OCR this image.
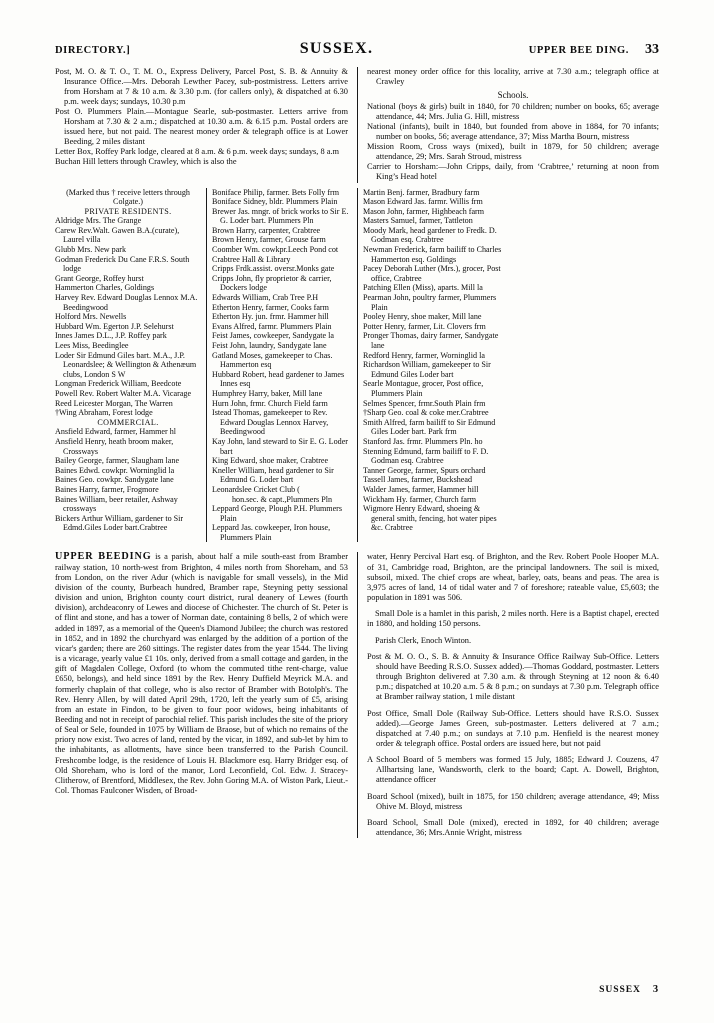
DIRECTORY.]	SUSSEX.	UPPER BEE DING. 33

Post, M. O. & T. O., T. M. O., Express Delivery, Parcel Post, S. B. & Annuity & Insurance Office.—Mrs. Deborah Lewther Pacey, sub-postmistress. Letters arrive from Horsham at 7 & 10 a.m. & 3.30 p.m. (for callers only), & dispatched at 6.30 p.m. week days; sundays, 10.30 p.m

Post O. Plummers Plain.—Montague Searle, sub-postmaster. Letters arrive from Horsham at 7.30 & 2 a.m.; dispatched at 10.30 a.m. & 6.15 p.m. Postal orders are issued here, but not paid. The nearest money order & telegraph office is at Lower Beeding, 2 miles distant

Letter Box, Roffey Park lodge, cleared at 8 a.m. & 6 p.m. week days; sundays, 8 a.m

Buchan Hill letters through Crawley, which is also the

nearest money order office for this locality, arrive at 7.30 a.m.; telegraph office at Crawley

Schools.

National (boys & girls) built in 1840, for 70 children; number on books, 65; average attendance, 44; Mrs. Julia G. Hill, mistress

National (infants), built in 1840, but founded from above in 1884, for 70 infants; number on books, 56; average attendance, 37; Miss Martha Bourn, mistress

Mission Room, Cross ways (mixed), built in 1879, for 50 children; average attendance, 29; Mrs. Sarah Stroud, mistress

Carrier to Horsham:—John Cripps, daily, from ‘Crabtree,’ returning at noon from King’s Head hotel

(Marked thus † receive letters through

Colgate.)

PRIVATE RESIDENTS.

Aldridge Mrs. The Grange

Carew Rev.Walt. Gawen B.A.(curate), Laurel villa

Glubb Mrs. New park

Godman Frederick Du Cane F.R.S. South lodge

Grant George, Roffey hurst

Hammerton Charles, Goldings

Harvey Rev. Edward Douglas Lennox M.A. Beedingwood

Holford Mrs. Newells

Hubbard Wm. Egerton J.P. Selehurst

Innes James D.L., J.P. Roffey park

Lees Miss, Beedinglee

Loder Sir Edmund Giles bart. M.A., J.P. Leonardslee; & Wellington & Athenæum clubs, London S W

Longman Frederick William, Beedcote

Powell Rev. Robert Walter M.A. Vicarage

Reed Leicester Morgan, The Warren

†Wing Abraham, Forest lodge

COMMERCIAL.

Ansfield Edward, farmer, Hammer hl

Ansfield Henry, heath broom maker, Crossways

Bailey George, farmer, Slaugham lane

Baines Edwd. cowkpr. Worninglid la

Baines Geo. cowkpr. Sandygate lane

Baines Harry, farmer, Frogmore

Baines William, beer retailer, Ashway crossways

Bickers Arthur William, gardener to Sir Edmd.Giles Loder bart.Crabtree

Boniface Philip, farmer. Bets Folly frm

Boniface Sidney, bldr. Plummers Plain

Brewer Jas. mngr. of brick works to Sir E. G. Loder bart. Plummers Pln

Brown Harry, carpenter, Crabtree

Brown Henry, farmer, Grouse farm

Coomber Wm. cowkpr.Leech Pond cot

Crabtree Hall & Library

Cripps Frdk.assist. oversr.Monks gate

Cripps John, fly proprietor & carrier, Dockers lodge

Edwards William, Crab Tree P.H

Etherton Henry, farmer, Cooks farm

Etherton Hy. jun. frmr. Hammer hill

Evans Alfred, farmr. Plummers Plain

Feist James, cowkeeper, Sandygate la

Feist John, laundry, Sandygate lane

Gatland Moses, gamekeeper to Chas. Hammerton esq

Hubbard Robert, head gardener to James Innes esq

Humphrey Harry, baker, Mill lane

Hurn John, frmr. Church Field farm

Istead Thomas, gamekeeper to Rev. Edward Douglas Lennox Harvey, Beedingwood

Kay John, land steward to Sir E. G. Loder bart

King Edward, shoe maker, Crabtree

Kneller William, head gardener to Sir Edmund G. Loder bart

Leonardslee Cricket Club (

hon.sec. & capt.,Plummers Pln

Leppard George, Plough P.H. Plummers Plain

Leppard Jas. cowkeeper, Iron house, Plummers Plain

Martin Benj. farmer, Bradbury farm

Mason Edward Jas. farmr. Willis frm

Mason John, farmer, Highbeach farm

Masters Samuel, farmer, Tattleton

Moody Mark, head gardener to Fredk. D. Godman esq. Crabtree

Newman Frederick, farm bailiff to Charles Hammerton esq. Goldings

Pacey Deborah Luther (Mrs.), grocer, Post office, Crabtree

Patching Ellen (Miss), aparts. Mill la

Pearman John, poultry farmer, Plummers Plain

Pooley Henry, shoe maker, Mill lane

Potter Henry, farmer, Lit. Clovers frm

Pronger Thomas, dairy farmer, Sandygate lane

Redford Henry, farmer, Worninglid la

Richardson William, gamekeeper to Sir Edmund Giles Loder bart

Searle Montague, grocer, Post office, Plummers Plain

Selmes Spencer, frmr.South Plain frm

†Sharp Geo. coal & coke mer.Crabtree

Smith Alfred, farm bailiff to Sir Edmund Giles Loder bart. Park frm

Stanford Jas. frmr. Plummers Pln. ho

Stenning Edmund, farm bailiff to F. D. Godman esq. Crabtree

Tanner George, farmer, Spurs orchard

Tassell James, farmer, Buckshead

Walder James, farmer, Hammer hill

Wickham Hy. farmer, Church farm

Wigmore Henry Edward, shoeing & general smith, fencing, hot water pipes &c. Crabtree

UPPER BEEDING is a parish, about half a mile south-east from Bramber railway station, 10 north-west from Brighton, 4 miles north from Shoreham, and 53 from London, on the river Adur (which is navigable for small vessels), in the Mid division of the county, Burbeach hundred, Bramber rape, Steyning petty sessional division and union, Brighton county court district, rural deanery of Lewes (fourth division), archdeaconry of Lewes and diocese of Chichester. The church of St. Peter is of flint and stone, and has a tower of Norman date, containing 8 bells, 2 of which were added in 1897, as a memorial of the Queen's Diamond Jubilee; the church was restored in 1852, and in 1892 the churchyard was enlarged by the addition of a portion of the vicar's garden; there are 260 sittings. The register dates from the year 1544. The living is a vicarage, yearly value £1 10s. only, derived from a small cottage and garden, in the gift of Magdalen College, Oxford (to whom the commuted tithe rent-charge, value £650, belongs), and held since 1891 by the Rev. Henry Duffield Meyrick M.A. and formerly chaplain of that college, who is also rector of Bramber with Botolph's. The Rev. Henry Allen, by will dated April 29th, 1720, left the yearly sum of £5, arising from an estate in Findon, to be given to four poor widows, being inhabitants of Beeding and not in receipt of parochial relief. This parish includes the site of the priory of Seal or Sele, founded in 1075 by William de Braose, but of which no remains of the priory now exist. Two acres of land, rented by the vicar, in 1892, and sub-let by him to the inhabitants, as allotments, have since been transferred to the Parish Council. Freshcombe lodge, is the residence of Louis H. Blackmore esq. Harry Bridger esq. of Old Shoreham, who is lord of the manor, Lord Leconfield, Col. Edw. J. Stracey-Clitherow, of Brentford, Middlesex, the Rev. John Goring M.A. of Wiston Park, Lieut.-Col. Thomas Faulconer Wisden, of Broad-

water, Henry Percival Hart esq. of Brighton, and the Rev. Robert Poole Hooper M.A. of 31, Cambridge road, Brighton, are the principal landowners. The soil is mixed, subsoil, mixed. The chief crops are wheat, barley, oats, beans and peas. The area is 3,975 acres of land, 14 of tidal water and 7 of foreshore; rateable value, £5,603; the population in 1891 was 506.

Small Dole is a hamlet in this parish, 2 miles north. Here is a Baptist chapel, erected in 1880, and holding 150 persons.

Parish Clerk, Enoch Winton.

Post & M. O. O., S. B. & Annuity & Insurance Office Railway Sub-Office. Letters should have Beeding R.S.O. Sussex added).—Thomas Goddard, postmaster. Letters through Brighton delivered at 7.30 a.m. & through Steyning at 12 noon & 6.40 p.m.; dispatched at 10.20 a.m. 5 & 8 p.m.; on sundays at 7.30 p.m. Telegraph office at Bramber railway station, 1 mile distant

Post Office, Small Dole (Railway Sub-Office. Letters should have R.S.O. Sussex added).—George James Green, sub-postmaster. Letters delivered at 7 a.m.; dispatched at 7.40 p.m.; on sundays at 7.10 p.m. Henfield is the nearest money order & telegraph office. Postal orders are issued here, but not paid

A School Board of 5 members was formed 15 July, 1885; Edward J. Couzens, 47 Allhartsing lane, Wandsworth, clerk to the board; Capt. A. Dowell, Brighton, attendance officer

Board School (mixed), built in 1875, for 150 children; average attendance, 49; Miss Ohive M. Bloyd, mistress

Board School, Small Dole (mixed), erected in 1892, for 40 children; average attendance, 36; Mrs.Annie Wright, mistress

SUSSEX 3
